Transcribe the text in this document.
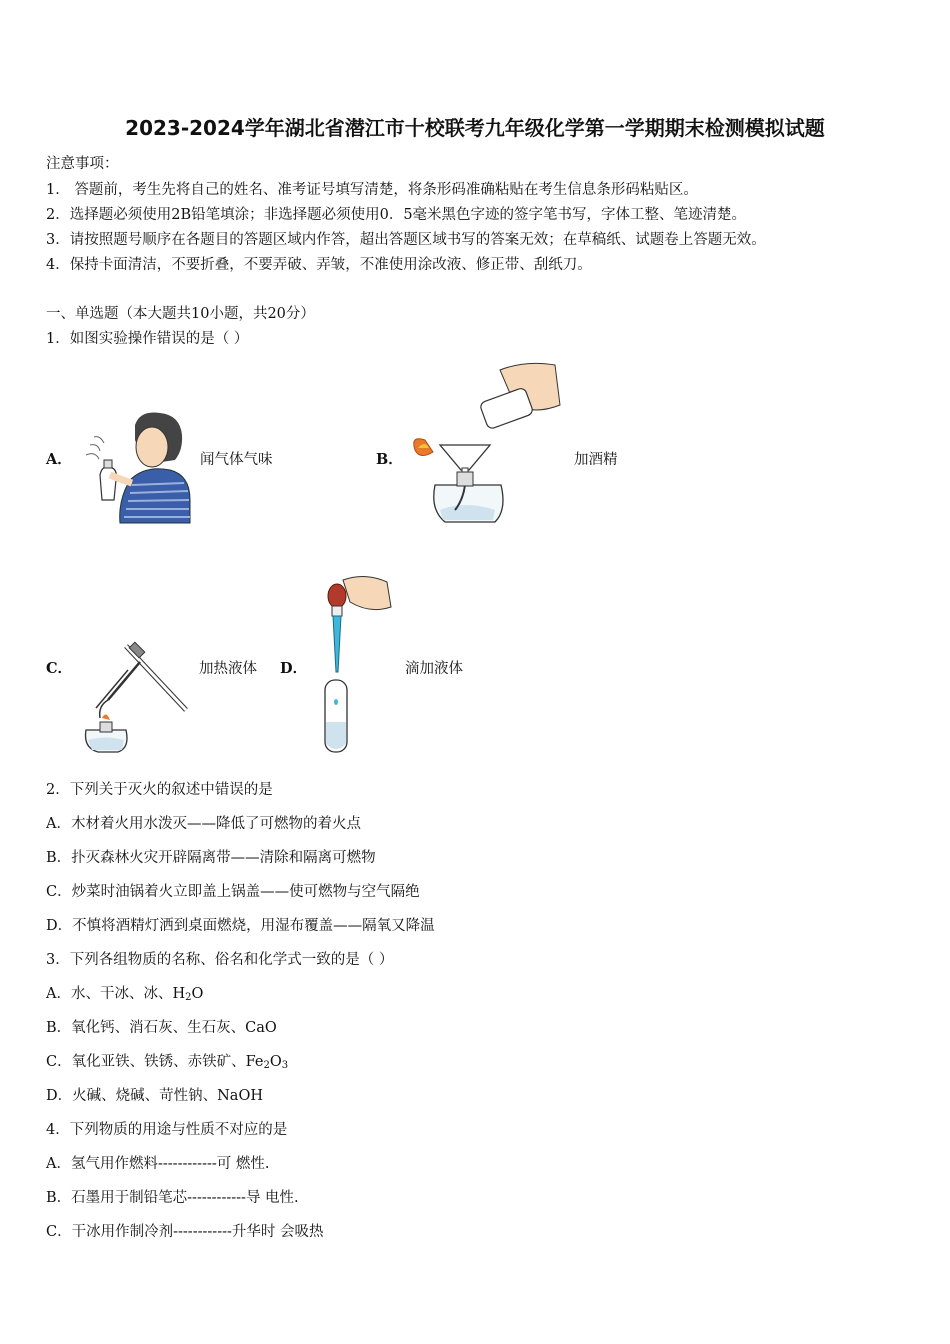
2023-2024学年湖北省潜江市十校联考九年级化学第一学期期末检测模拟试题
注意事项：
1． 答题前，考生先将自己的姓名、准考证号填写清楚，将条形码准确粘贴在考生信息条形码粘贴区。
2．选择题必须使用2B铅笔填涂；非选择题必须使用0．5毫米黑色字迹的签字笔书写，字体工整、笔迹清楚。
3．请按照题号顺序在各题目的答题区域内作答，超出答题区域书写的答案无效；在草稿纸、试题卷上答题无效。
4．保持卡面清洁，不要折叠，不要弄破、弄皱，不准使用涂改液、修正带、刮纸刀。
一、单选题（本大题共10小题，共20分）
1．如图实验操作错误的是（ ）
A．	闻气体气味	B．	加酒精
C．	加热液体 D．	滴加液体
2．下列关于灭火的叙述中错误的是
A．木材着火用水泼灭——降低了可燃物的着火点
B．扑灭森林火灾开辟隔离带——清除和隔离可燃物
C．炒菜时油锅着火立即盖上锅盖——使可燃物与空气隔绝
D．不慎将酒精灯洒到桌面燃烧，用湿布覆盖——隔氧又降温
3．下列各组物质的名称、俗名和化学式一致的是（ ）
A．水、干冰、冰、$H_2O$
B．氧化钙、消石灰、生石灰、CaO
C．氧化亚铁、铁锈、赤铁矿、$Fe_2O_3$
D．火碱、烧碱、苛性钠、NaOH
4．下列物质的用途与性质不对应的是
A．氢气用作燃料------------可 燃性.
B．石墨用于制铅笔芯------------导 电性.
C．干冰用作制冷剂------------升华时 会吸热
